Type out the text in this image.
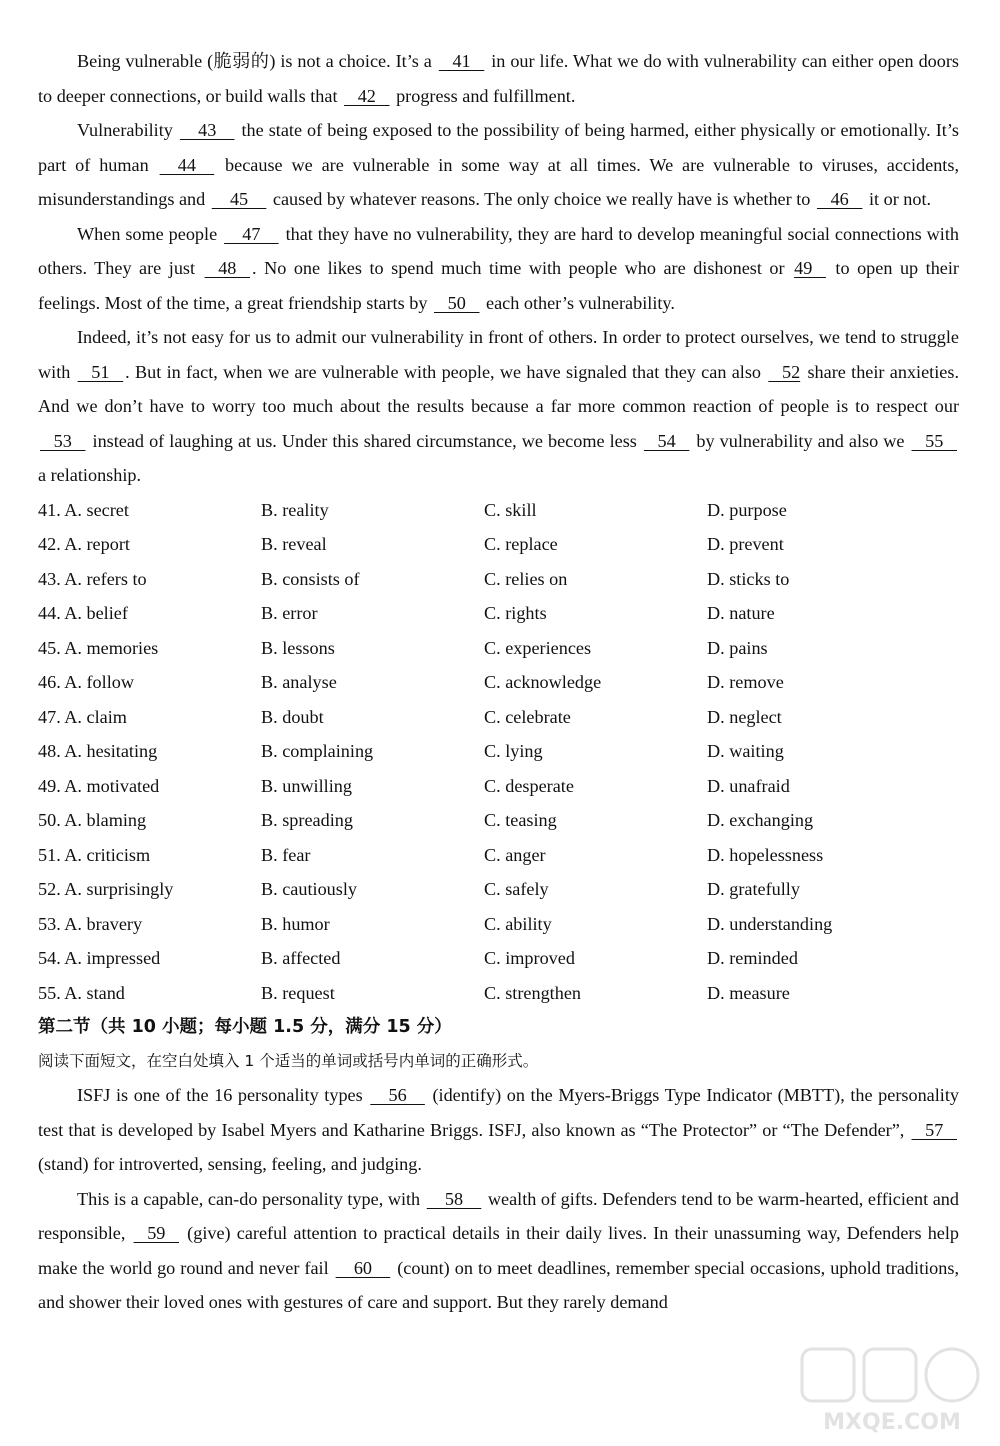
Being vulnerable (脆弱的) is not a choice. It’s a    41    in our life. What we do with vulnerability can either open doors to deeper connections, or build walls that    42    progress and fulfillment.

Vulnerability     43     the state of being exposed to the possibility of being harmed, either physically or emotionally. It’s part of human     44     because we are vulnerable in some way at all times. We are vulnerable to viruses, accidents, misunderstandings and     45     caused by whatever reasons. The only choice we really have is whether to    46    it or not.

When some people     47     that they have no vulnerability, they are hard to develop meaningful social connections with others. They are just    48   . No one likes to spend much time with people who are dishonest or 49    to open up their feelings. Most of the time, a great friendship starts by    50    each other’s vulnerability.

Indeed, it’s not easy for us to admit our vulnerability in front of others. In order to protect ourselves, we tend to struggle with    51   . But in fact, when we are vulnerable with people, we have signaled that they can also    52 share their anxieties. And we don’t have to worry too much about the results because a far more common reaction of people is to respect our    53    instead of laughing at us. Under this shared circumstance, we become less    54    by vulnerability and also we    55    a relationship.

41. A. secret	B. reality	C. skill	D. purpose
42. A. report	B. reveal	C. replace	D. prevent
43. A. refers to	B. consists of	C. relies on	D. sticks to
44. A. belief	B. error	C. rights	D. nature
45. A. memories	B. lessons	C. experiences	D. pains
46. A. follow	B. analyse	C. acknowledge	D. remove
47. A. claim	B. doubt	C. celebrate	D. neglect
48. A. hesitating	B. complaining	C. lying	D. waiting
49. A. motivated	B. unwilling	C. desperate	D. unafraid
50. A. blaming	B. spreading	C. teasing	D. exchanging
51. A. criticism	B. fear	C. anger	D. hopelessness
52. A. surprisingly	B. cautiously	C. safely	D. gratefully
53. A. bravery	B. humor	C. ability	D. understanding
54. A. impressed	B. affected	C. improved	D. reminded
55. A. stand	B. request	C. strengthen	D. measure

第二节（共 10 小题；每小题 1.5 分，满分 15 分）

阅读下面短文，在空白处填入 1 个适当的单词或括号内单词的正确形式。

ISFJ is one of the 16 personality types     56     (identify) on the Myers-Briggs Type Indicator (MBTT), the personality test that is developed by Isabel Myers and Katharine Briggs. ISFJ, also known as “The Protector” or “The Defender”,    57    (stand) for introverted, sensing, feeling, and judging.

This is a capable, can-do personality type, with     58     wealth of gifts. Defenders tend to be warm-hearted, efficient and responsible,    59    (give) careful attention to practical details in their daily lives. In their unassuming way, Defenders help make the world go round and never fail     60     (count) on to meet deadlines, remember special occasions, uphold traditions, and shower their loved ones with gestures of care and support. But they rarely demand

MXQE.COM
